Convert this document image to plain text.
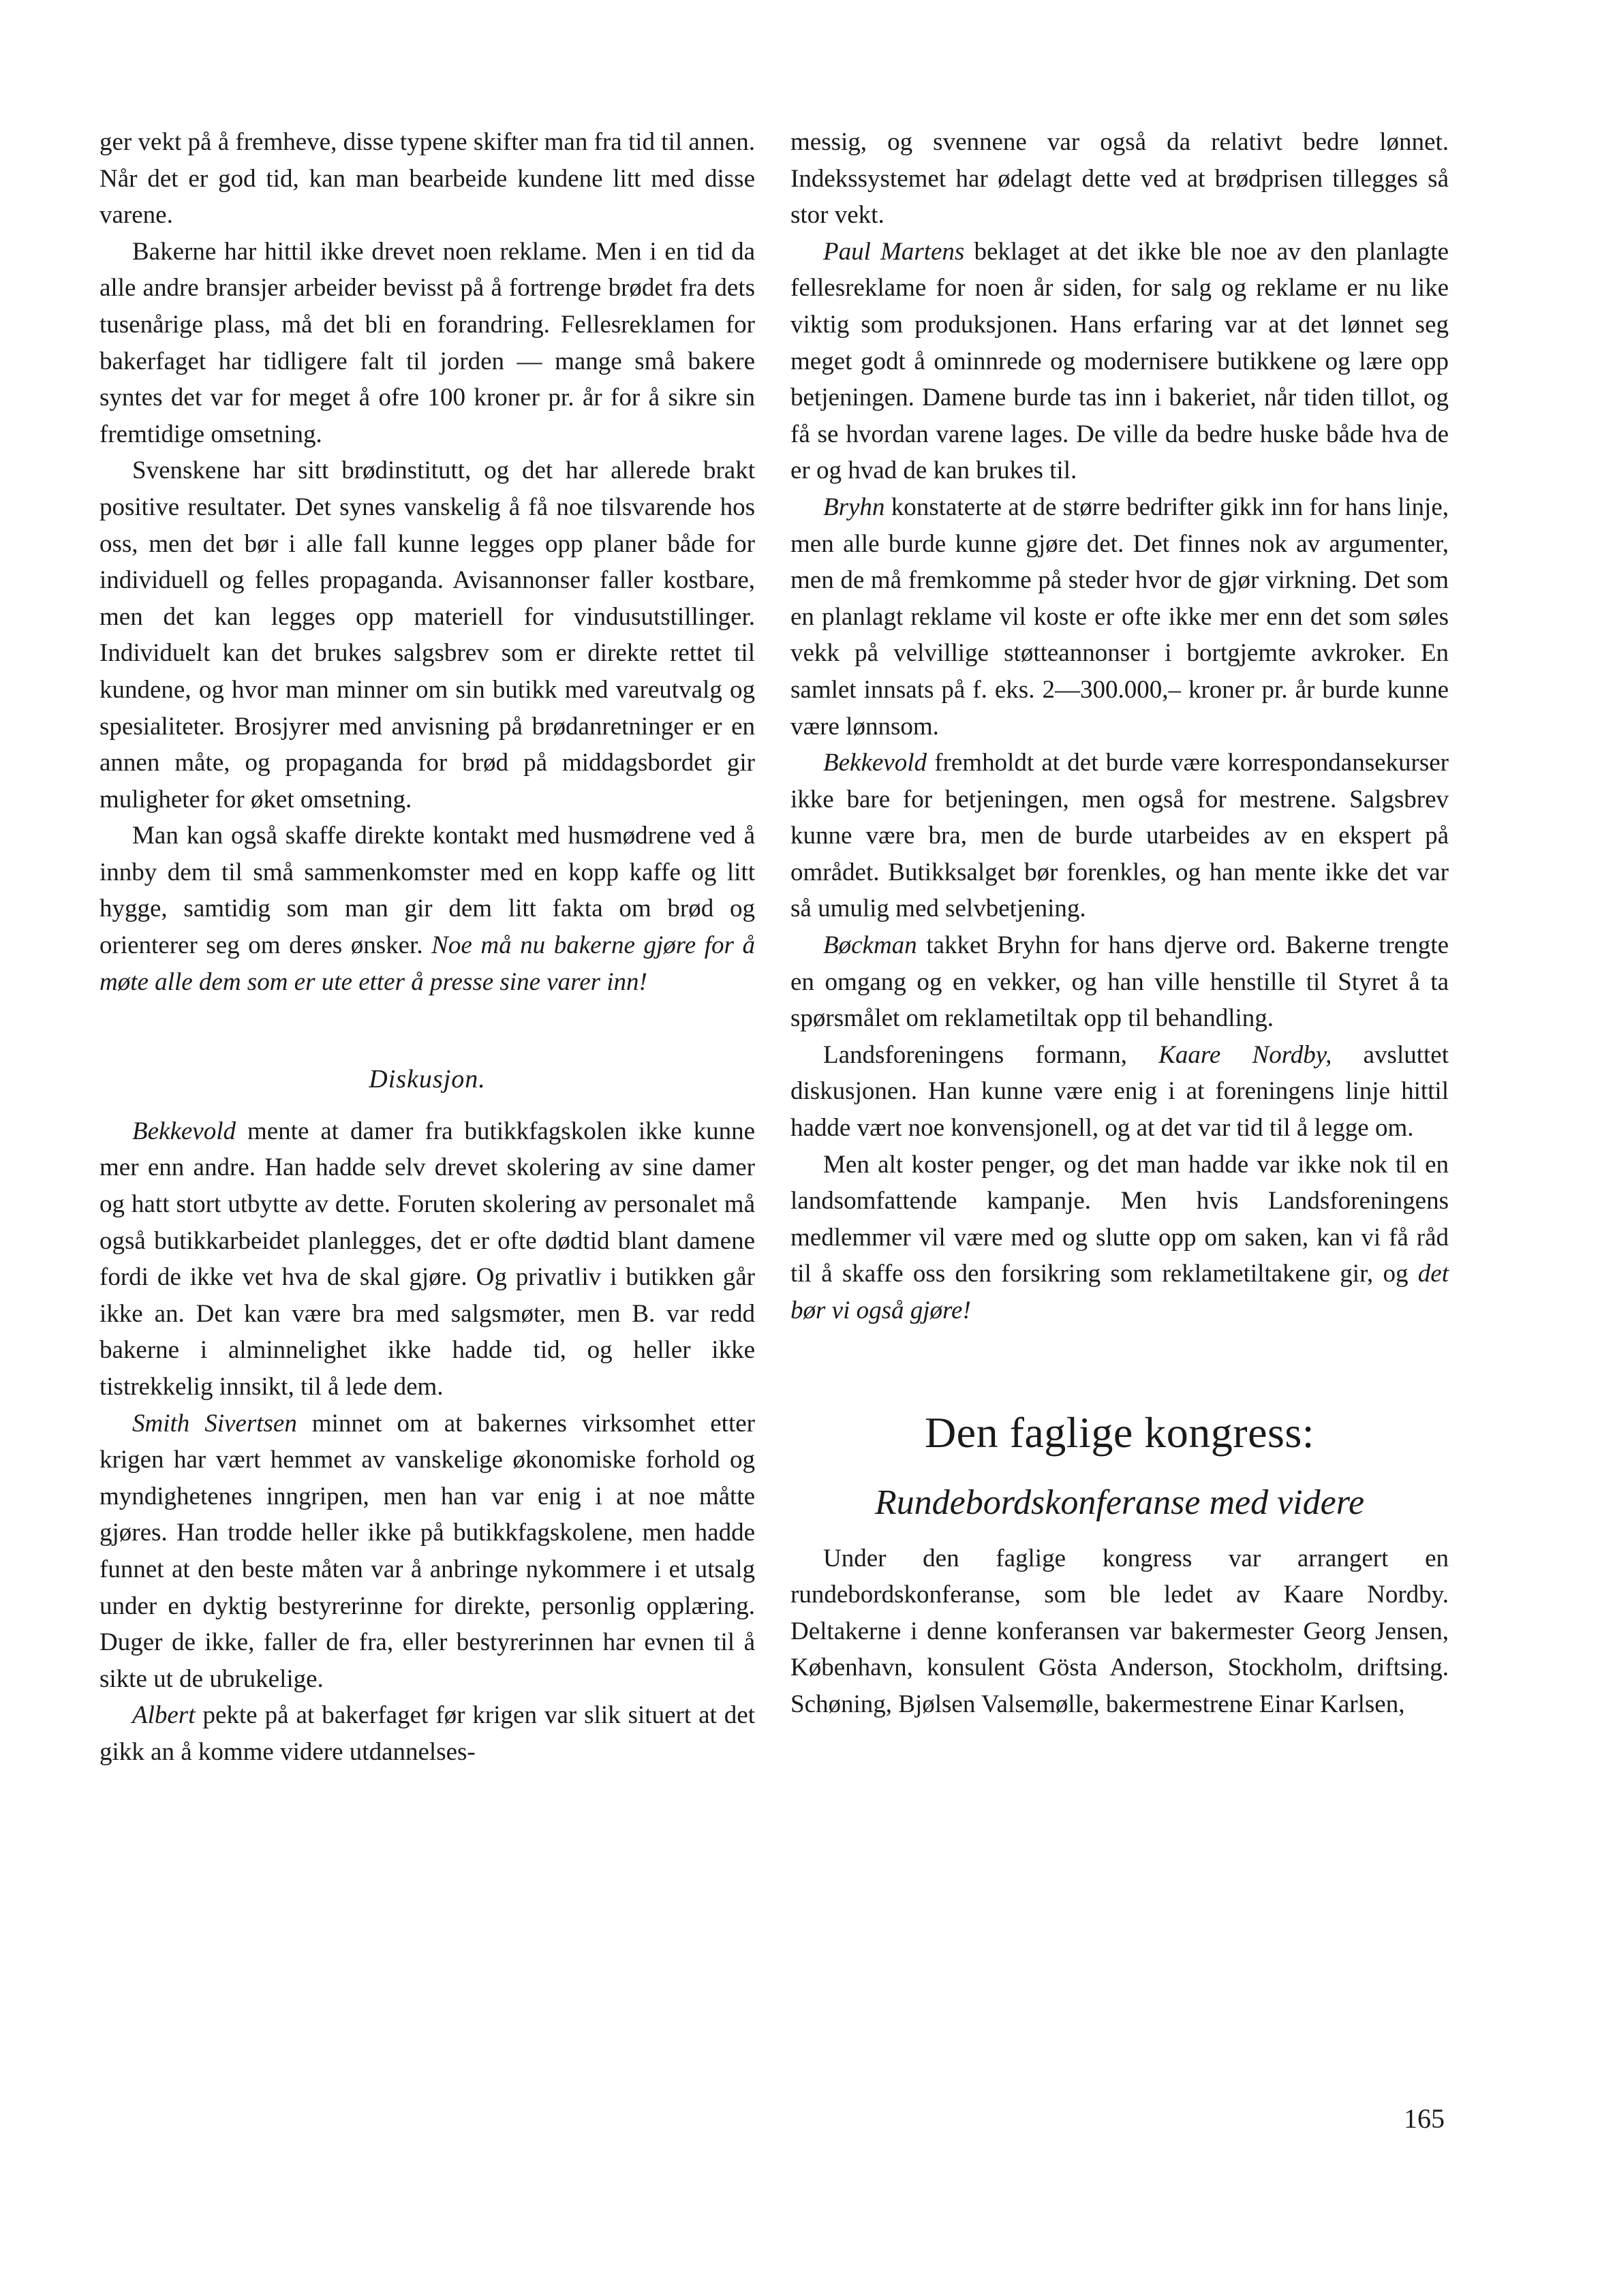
ger vekt på å fremheve, disse typene skifter man fra tid til annen. Når det er god tid, kan man bearbeide kundene litt med disse varene.

Bakerne har hittil ikke drevet noen reklame. Men i en tid da alle andre bransjer arbeider bevisst på å fortrenge brødet fra dets tusenårige plass, må det bli en forandring. Fellesreklamen for bakerfaget har tidligere falt til jorden — mange små bakere syntes det var for meget å ofre 100 kroner pr. år for å sikre sin fremtidige omsetning.

Svenskene har sitt brødinstitutt, og det har allerede brakt positive resultater. Det synes vanskelig å få noe tilsvarende hos oss, men det bør i alle fall kunne legges opp planer både for individuell og felles propaganda. Avisannonser faller kostbare, men det kan legges opp materiell for vindusutstillinger. Individuelt kan det brukes salgsbrev som er direkte rettet til kundene, og hvor man minner om sin butikk med vareutvalg og spesialiteter. Brosjyrer med anvisning på brødanretninger er en annen måte, og propaganda for brød på middagsbordet gir muligheter for øket omsetning.

Man kan også skaffe direkte kontakt med husmødrene ved å innby dem til små sammenkomster med en kopp kaffe og litt hygge, samtidig som man gir dem litt fakta om brød og orienterer seg om deres ønsker. Noe må nu bakerne gjøre for å møte alle dem som er ute etter å presse sine varer inn!

Diskusjon.

Bekkevold mente at damer fra butikkfagskolen ikke kunne mer enn andre. Han hadde selv drevet skolering av sine damer og hatt stort utbytte av dette. Foruten skolering av personalet må også butikkarbeidet planlegges, det er ofte dødtid blant damene fordi de ikke vet hva de skal gjøre. Og privatliv i butikken går ikke an. Det kan være bra med salgsmøter, men B. var redd bakerne i alminnelighet ikke hadde tid, og heller ikke tistrekkelig innsikt, til å lede dem.

Smith Sivertsen minnet om at bakernes virksomhet etter krigen har vært hemmet av vanskelige økonomiske forhold og myndighetenes inngripen, men han var enig i at noe måtte gjøres. Han trodde heller ikke på butikkfagskolene, men hadde funnet at den beste måten var å anbringe nykommere i et utsalg under en dyktig bestyrerinne for direkte, personlig opplæring. Duger de ikke, faller de fra, eller bestyrerinnen har evnen til å sikte ut de ubrukelige.

Albert pekte på at bakerfaget før krigen var slik situert at det gikk an å komme videre utdannelses-

messig, og svennene var også da relativt bedre lønnet. Indekssystemet har ødelagt dette ved at brødprisen tillegges så stor vekt.

Paul Martens beklaget at det ikke ble noe av den planlagte fellesreklame for noen år siden, for salg og reklame er nu like viktig som produksjonen. Hans erfaring var at det lønnet seg meget godt å ominnrede og modernisere butikkene og lære opp betjeningen. Damene burde tas inn i bakeriet, når tiden tillot, og få se hvordan varene lages. De ville da bedre huske både hva de er og hvad de kan brukes til.

Bryhn konstaterte at de større bedrifter gikk inn for hans linje, men alle burde kunne gjøre det. Det finnes nok av argumenter, men de må fremkomme på steder hvor de gjør virkning. Det som en planlagt reklame vil koste er ofte ikke mer enn det som søles vekk på velvillige støtteannonser i bortgjemte avkroker. En samlet innsats på f. eks. 2—300.000,– kroner pr. år burde kunne være lønnsom.

Bekkevold fremholdt at det burde være korrespondansekurser ikke bare for betjeningen, men også for mestrene. Salgsbrev kunne være bra, men de burde utarbeides av en ekspert på området. Butikksalget bør forenkles, og han mente ikke det var så umulig med selvbetjening.

Bøckman takket Bryhn for hans djerve ord. Bakerne trengte en omgang og en vekker, og han ville henstille til Styret å ta spørsmålet om reklametiltak opp til behandling.

Landsforeningens formann, Kaare Nordby, avsluttet diskusjonen. Han kunne være enig i at foreningens linje hittil hadde vært noe konvensjonell, og at det var tid til å legge om.

Men alt koster penger, og det man hadde var ikke nok til en landsomfattende kampanje. Men hvis Landsforeningens medlemmer vil være med og slutte opp om saken, kan vi få råd til å skaffe oss den forsikring som reklametiltakene gir, og det bør vi også gjøre!

Den faglige kongress:
Rundebordskonferanse med videre

Under den faglige kongress var arrangert en rundebordskonferanse, som ble ledet av Kaare Nordby. Deltakerne i denne konferansen var bakermester Georg Jensen, København, konsulent Gösta Anderson, Stockholm, driftsing. Schøning, Bjølsen Valsemølle, bakermestrene Einar Karlsen,

165
